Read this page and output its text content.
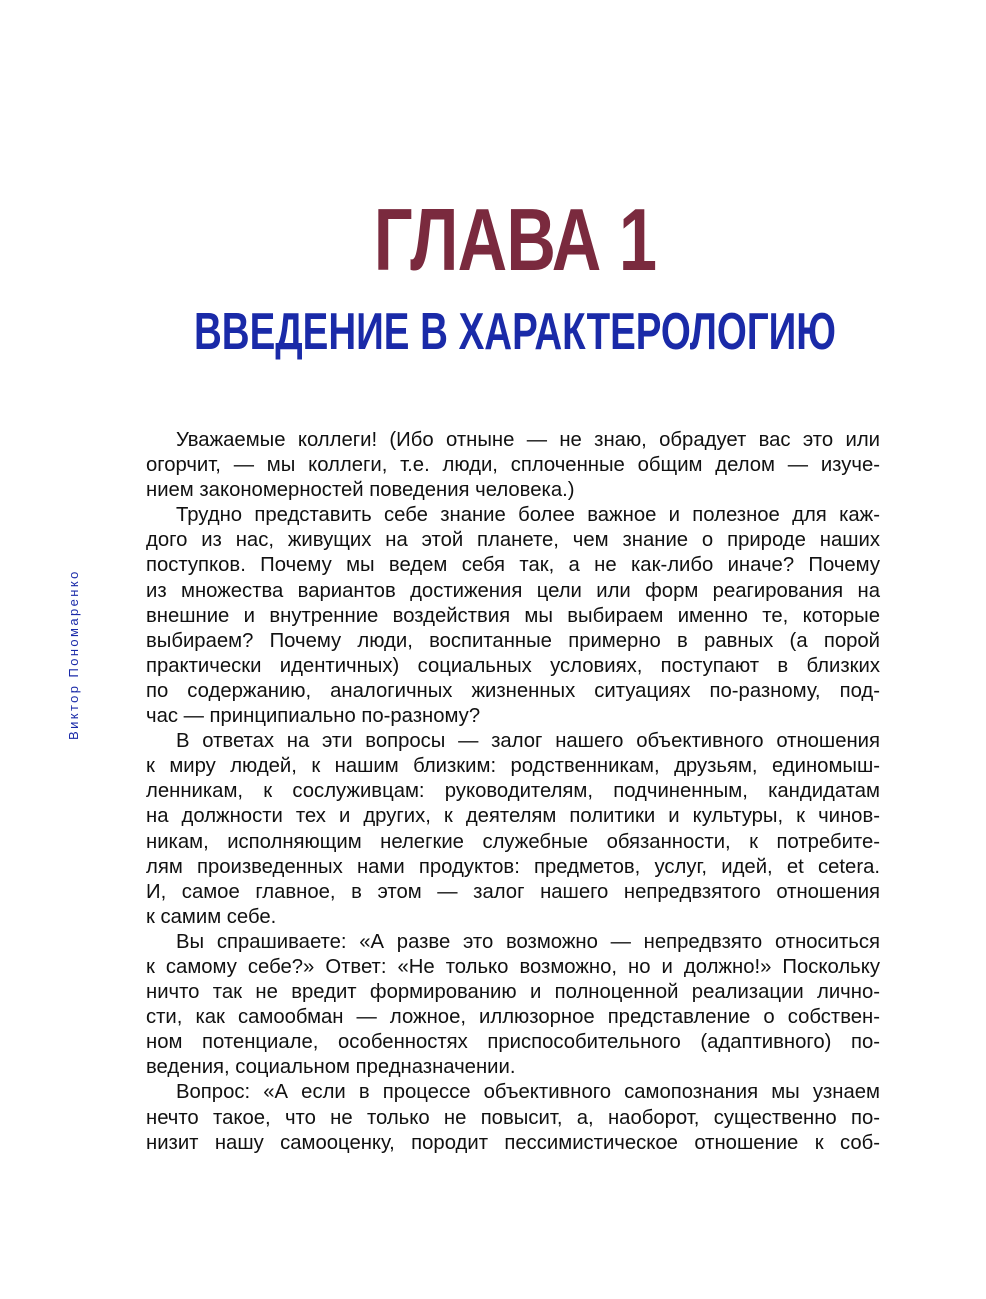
ГЛАВА 1
ВВЕДЕНИЕ В ХАРАКТЕРОЛОГИЮ
Виктор Пономаренко
Уважаемые коллеги! (Ибо отныне — не знаю, обрадует вас это или
огорчит, — мы коллеги, т.е. люди, сплоченные общим делом — изуче-
нием закономерностей поведения человека.)
Трудно представить себе знание более важное и полезное для каж-
дого из нас, живущих на этой планете, чем знание о природе наших
поступков. Почему мы ведем себя так, а не как-либо иначе? Почему
из множества вариантов достижения цели или форм реагирования на
внешние и внутренние воздействия мы выбираем именно те, которые
выбираем? Почему люди, воспитанные примерно в равных (а порой
практически идентичных) социальных условиях, поступают в близких
по содержанию, аналогичных жизненных ситуациях по-разному, под-
час — принципиально по-разному?
В ответах на эти вопросы — залог нашего объективного отношения
к миру людей, к нашим близким: родственникам, друзьям, единомыш-
ленникам, к сослуживцам: руководителям, подчиненным, кандидатам
на должности тех и других, к деятелям политики и культуры, к чинов-
никам, исполняющим нелегкие служебные обязанности, к потребите-
лям произведенных нами продуктов: предметов, услуг, идей, et cetera.
И, самое главное, в этом — залог нашего непредвзятого отношения
к самим себе.
Вы спрашиваете: «А разве это возможно — непредвзято относиться
к самому себе?» Ответ: «Не только возможно, но и должно!» Поскольку
ничто так не вредит формированию и полноценной реализации лично-
сти, как самообман — ложное, иллюзорное представление о собствен-
ном потенциале, особенностях приспособительного (адаптивного) по-
ведения, социальном предназначении.
Вопрос: «А если в процессе объективного самопознания мы узнаем
нечто такое, что не только не повысит, а, наоборот, существенно по-
низит нашу самооценку, породит пессимистическое отношение к соб-
